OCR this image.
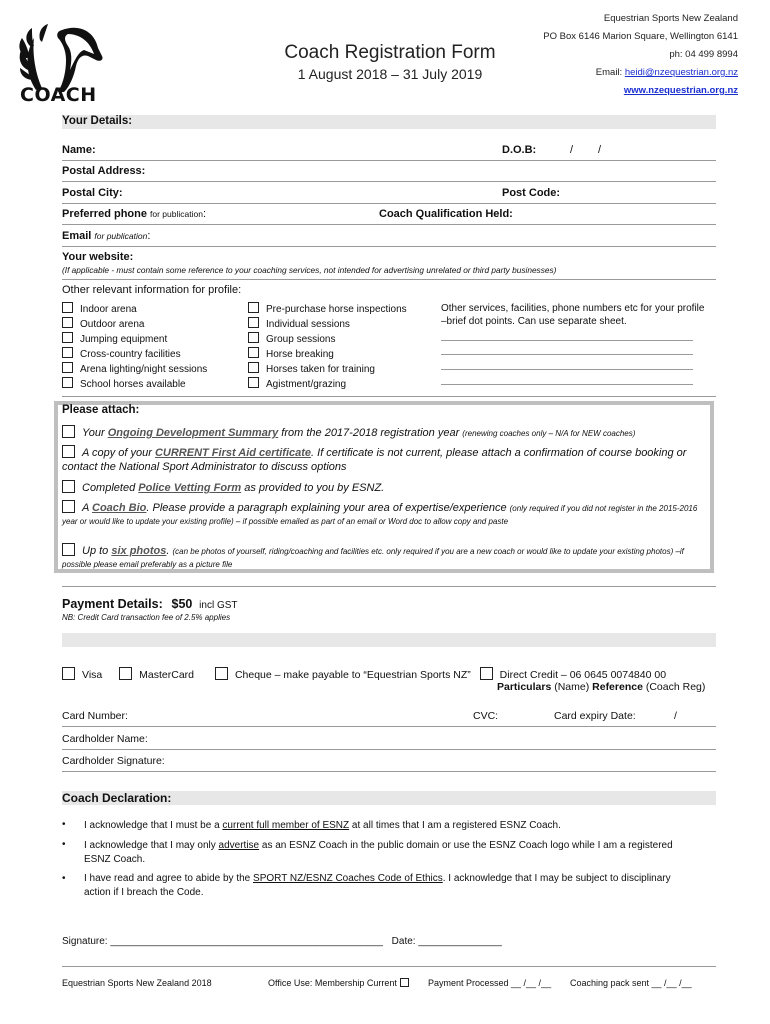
COACH
Coach Registration Form
1 August 2018 – 31 July 2019
Equestrian Sports New Zealand
PO Box 6146 Marion Square, Wellington 6141
ph: 04 499 8994
Email: heidi@nzequestrian.org.nz
www.nzequestrian.org.nz
Your Details:
Name:	D.O.B:	/ /
Postal Address:
Postal City:	Post Code:
Preferred phone for publication:	Coach Qualification Held:
Email for publication:
Your website:
(If applicable - must contain some reference to your coaching services, not intended for advertising unrelated or third party businesses)
Other relevant information for profile:
Indoor arena
Outdoor arena
Jumping equipment
Cross-country facilities
Arena lighting/night sessions
School horses available
Pre-purchase horse inspections
Individual sessions
Group sessions
Horse breaking
Horses taken for training
Agistment/grazing
Other services, facilities, phone numbers etc for your profile –brief dot points. Can use separate sheet.
Please attach:
Your Ongoing Development Summary from the 2017-2018 registration year (renewing coaches only – N/A for NEW coaches)
A copy of your CURRENT First Aid certificate. If certificate is not current, please attach a confirmation of course booking or contact the National Sport Administrator to discuss options
Completed Police Vetting Form as provided to you by ESNZ.
A Coach Bio. Please provide a paragraph explaining your area of expertise/experience (only required if you did not register in the 2015-2016 year or would like to update your existing profile) – if possible emailed as part of an email or Word doc to allow copy and paste
Up to six photos. (can be photos of yourself, riding/coaching and facilities etc. only required if you are a new coach or would like to update your existing photos) –if possible please email preferably as a picture file
Payment Details: $50 incl GST
NB: Credit Card transaction fee of 2.5% applies
Visa	MasterCard	Cheque – make payable to “Equestrian Sports NZ”	Direct Credit – 06 0645 0074840 00
Particulars (Name) Reference (Coach Reg)
Card Number:	CVC:	Card expiry Date:	/
Cardholder Name:
Cardholder Signature:
Coach Declaration:
• I acknowledge that I must be a current full member of ESNZ at all times that I am a registered ESNZ Coach.
• I acknowledge that I may only advertise as an ESNZ Coach in the public domain or use the ESNZ Coach logo while I am a registered ESNZ Coach.
• I have read and agree to abide by the SPORT NZ/ESNZ Coaches Code of Ethics. I acknowledge that I may be subject to disciplinary action if I breach the Code.
Signature: _________________________________________________ Date: _______________
Equestrian Sports New Zealand 2018	Office Use: Membership Current	Payment Processed __ /__ /__ Coaching pack sent __ /__ /__
